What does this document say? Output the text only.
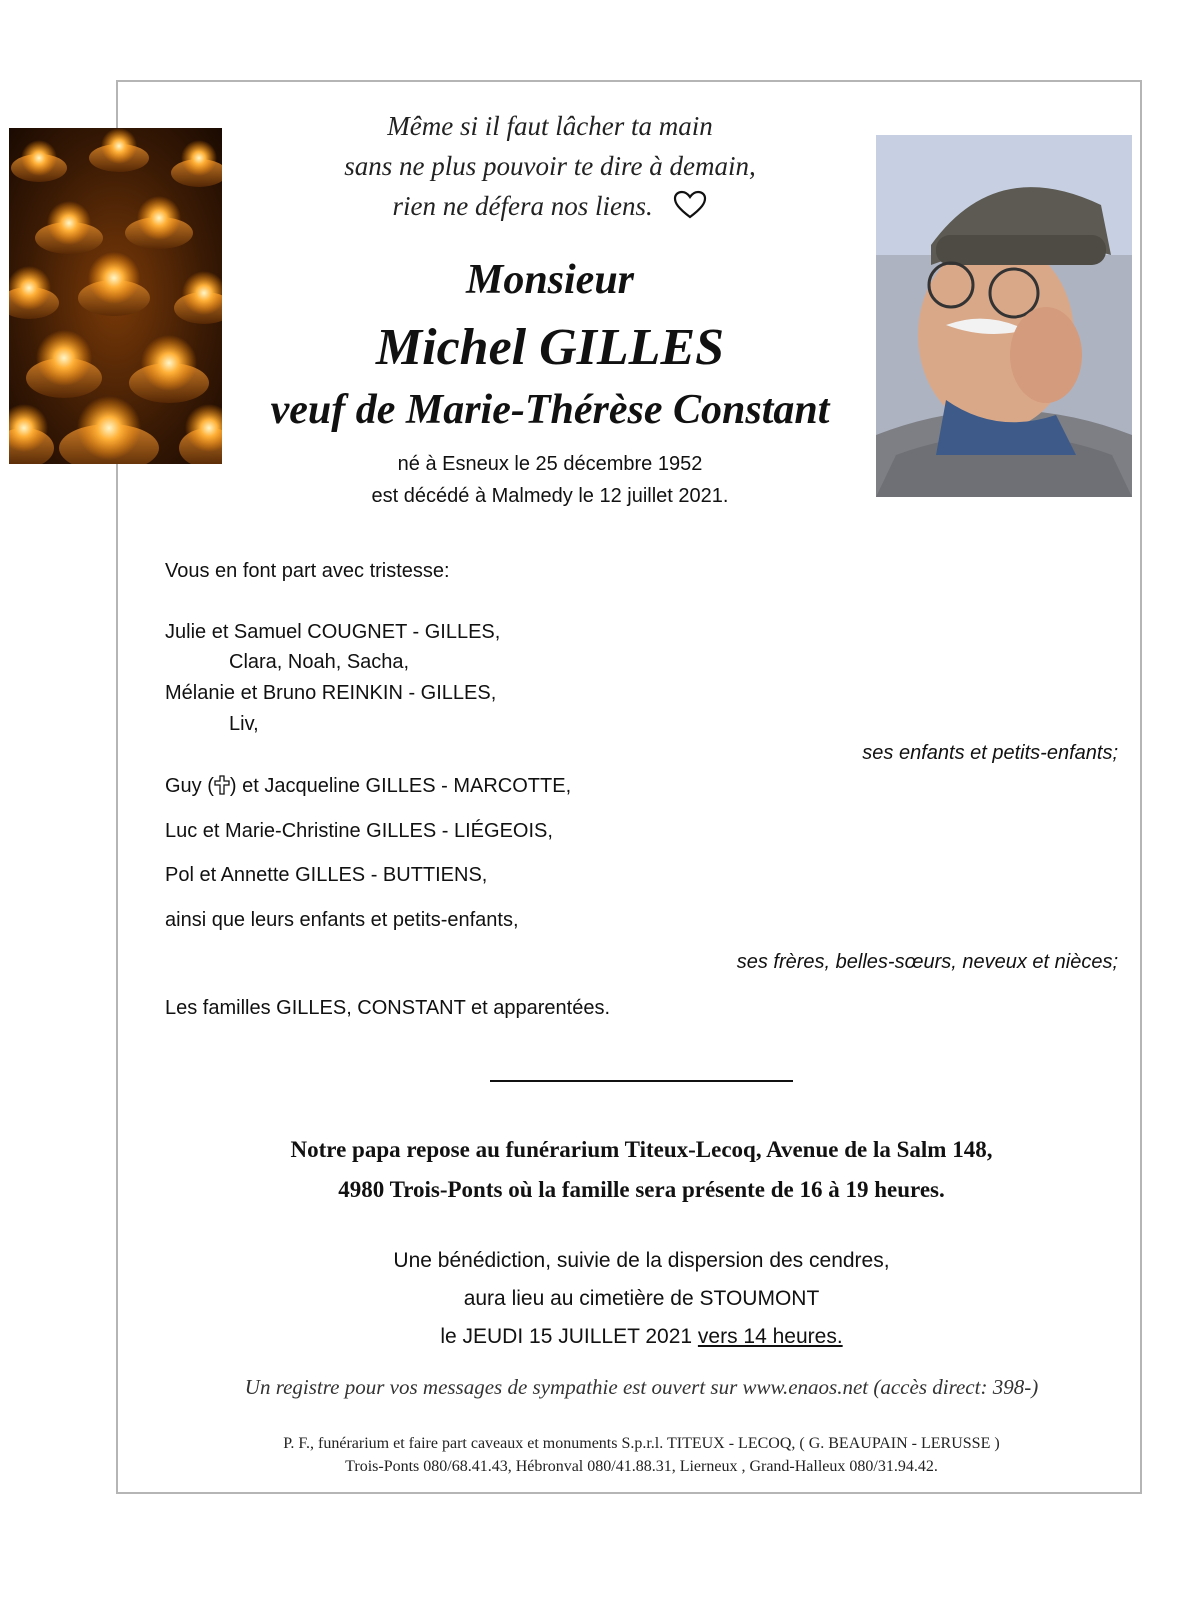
Même si il faut lâcher ta main
sans ne plus pouvoir te dire à demain,
rien ne défera nos liens.
Monsieur
Michel GILLES
veuf de Marie-Thérèse Constant
né à Esneux le 25 décembre 1952
est décédé à Malmedy le 12 juillet 2021.
Vous en font part avec tristesse:
Julie et Samuel COUGNET - GILLES,
Clara, Noah, Sacha,
Mélanie et Bruno REINKIN - GILLES,
Liv,
ses enfants et petits-enfants;
Guy ( ) et Jacqueline GILLES - MARCOTTE,
Luc et Marie-Christine GILLES - LIÉGEOIS,
Pol et Annette GILLES - BUTTIENS,
ainsi que leurs enfants et petits-enfants,
ses frères, belles-sœurs, neveux et nièces;
Les familles GILLES, CONSTANT et apparentées.
Notre papa repose au funérarium Titeux-Lecoq, Avenue de la Salm 148,
4980 Trois-Ponts où la famille sera présente de 16 à 19 heures.
Une bénédiction, suivie de la dispersion des cendres,
aura lieu au cimetière de STOUMONT
le JEUDI 15 JUILLET 2021 vers 14 heures.
Un registre pour vos messages de sympathie est ouvert sur www.enaos.net (accès direct: 398-)
P. F., funérarium et faire part caveaux et monuments S.p.r.l. TITEUX - LECOQ, ( G. BEAUPAIN - LERUSSE )
Trois-Ponts 080/68.41.43, Hébronval 080/41.88.31, Lierneux , Grand-Halleux 080/31.94.42.
